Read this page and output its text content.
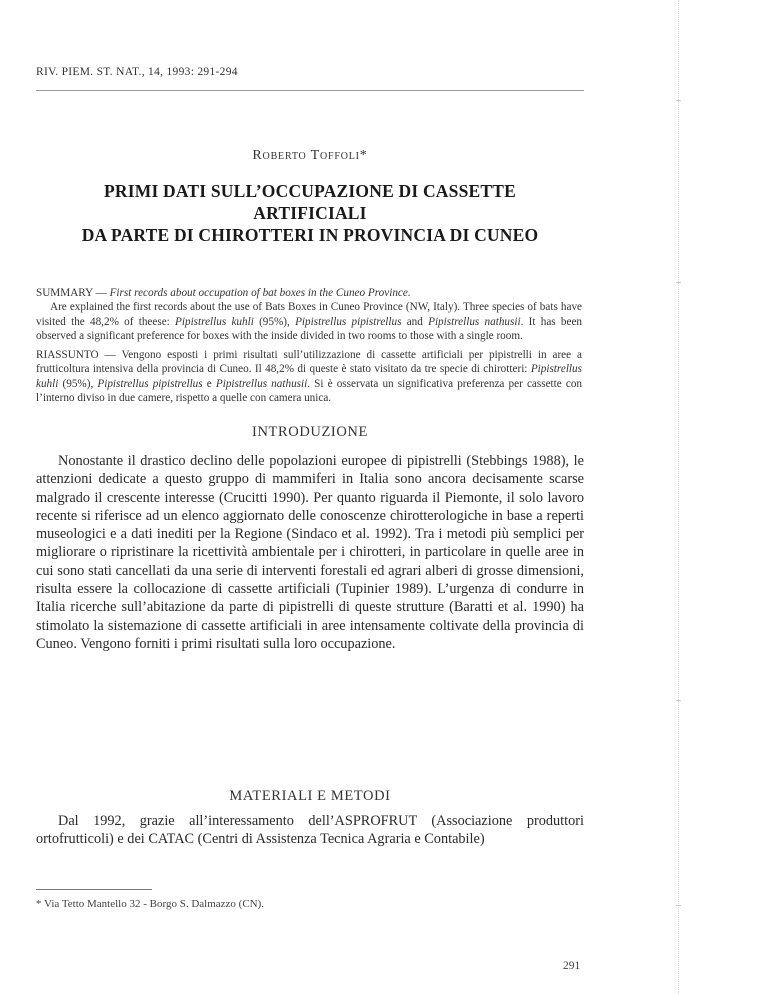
RIV. PIEM. ST. NAT., 14, 1993: 291-294
Roberto Toffoli*
PRIMI DATI SULL’OCCUPAZIONE DI CASSETTE ARTIFICIALI
DA PARTE DI CHIROTTERI IN PROVINCIA DI CUNEO
SUMMARY — First records about occupation of bat boxes in the Cuneo Province.
Are explained the first records about the use of Bats Boxes in Cuneo Province (NW, Italy). Three species of bats have visited the 48,2% of theese: Pipistrellus kuhli (95%), Pipistrellus pipistrellus and Pipistrellus nathusii. It has been observed a significant preference for boxes with the inside divided in two rooms to those with a single room.
RIASSUNTO — Vengono esposti i primi risultati sull’utilizzazione di cassette artificiali per pipistrelli in aree a frutticoltura intensiva della provincia di Cuneo. Il 48,2% di queste è stato visitato da tre specie di chirotteri: Pipistrellus kuhli (95%), Pipistrellus pipistrellus e Pipistrellus nathusii. Si è osservata un significativa preferenza per cassette con l’interno diviso in due camere, rispetto a quelle con camera unica.
INTRODUZIONE
Nonostante il drastico declino delle popolazioni europee di pipistrelli (Stebbings 1988), le attenzioni dedicate a questo gruppo di mammiferi in Italia sono ancora decisamente scarse malgrado il crescente interesse (Crucitti 1990). Per quanto riguarda il Piemonte, il solo lavoro recente si riferisce ad un elenco aggiornato delle conoscenze chirotterologiche in base a reperti museologici e a dati inediti per la Regione (Sindaco et al. 1992). Tra i metodi più semplici per migliorare o ripristinare la ricettività ambientale per i chirotteri, in particolare in quelle aree in cui sono stati cancellati da una serie di interventi forestali ed agrari alberi di grosse dimensioni, risulta essere la collocazione di cassette artificiali (Tupinier 1989). L’urgenza di condurre in Italia ricerche sull’abitazione da parte di pipistrelli di queste strutture (Baratti et al. 1990) ha stimolato la sistemazione di cassette artificiali in aree intensamente coltivate della provincia di Cuneo. Vengono forniti i primi risultati sulla loro occupazione.
MATERIALI E METODI
Dal 1992, grazie all’interessamento dell’ASPROFRUT (Associazione produttori ortofrutticoli) e dei CATAC (Centri di Assistenza Tecnica Agraria e Contabile)
* Via Tetto Mantello 32 - Borgo S. Dalmazzo (CN).
291
